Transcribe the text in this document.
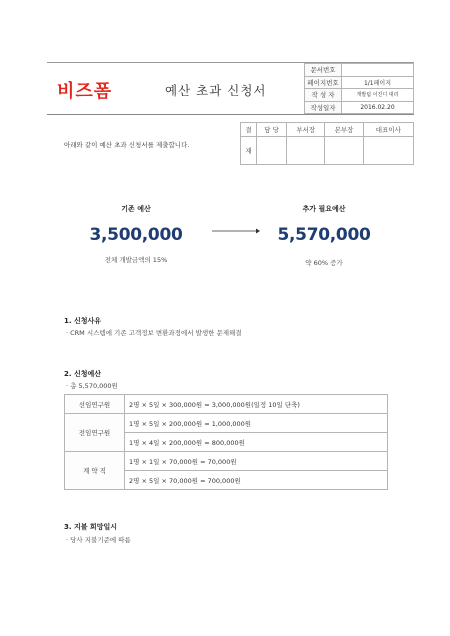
비즈폼	예산 초과 신청서
문서번호	
페이지번호	1/1페이지
작 성 자	개발팀 이진디 대리
작성일자	2016.02.20
아래와 같이 예산 초과 신청서를 제출합니다.
결	담 당	부서장	본부장	대표이사
재				
기존 예산
3,500,000
전체 개발금액의 15%
추가 필요예산
5,570,000
약 60% 증가
1. 신청사유
· CRM 시스템에 기존 고객정보 변환과정에서 발생한 문제해결
2. 신청예산
· 총 5,570,000원
선임연구원	2명 × 5일 × 300,000원 = 3,000,000원(일정 10일 단축)
전임연구원	1명 × 5일 × 200,000원 = 1,000,000원
	1명 × 4일 × 200,000원 = 800,000원
계 약 직	1명 × 1일 × 70,000원 = 70,000원
	2명 × 5일 × 70,000원 = 700,000원
3. 지불 희망일시
· 당사 지불기준에 따름
